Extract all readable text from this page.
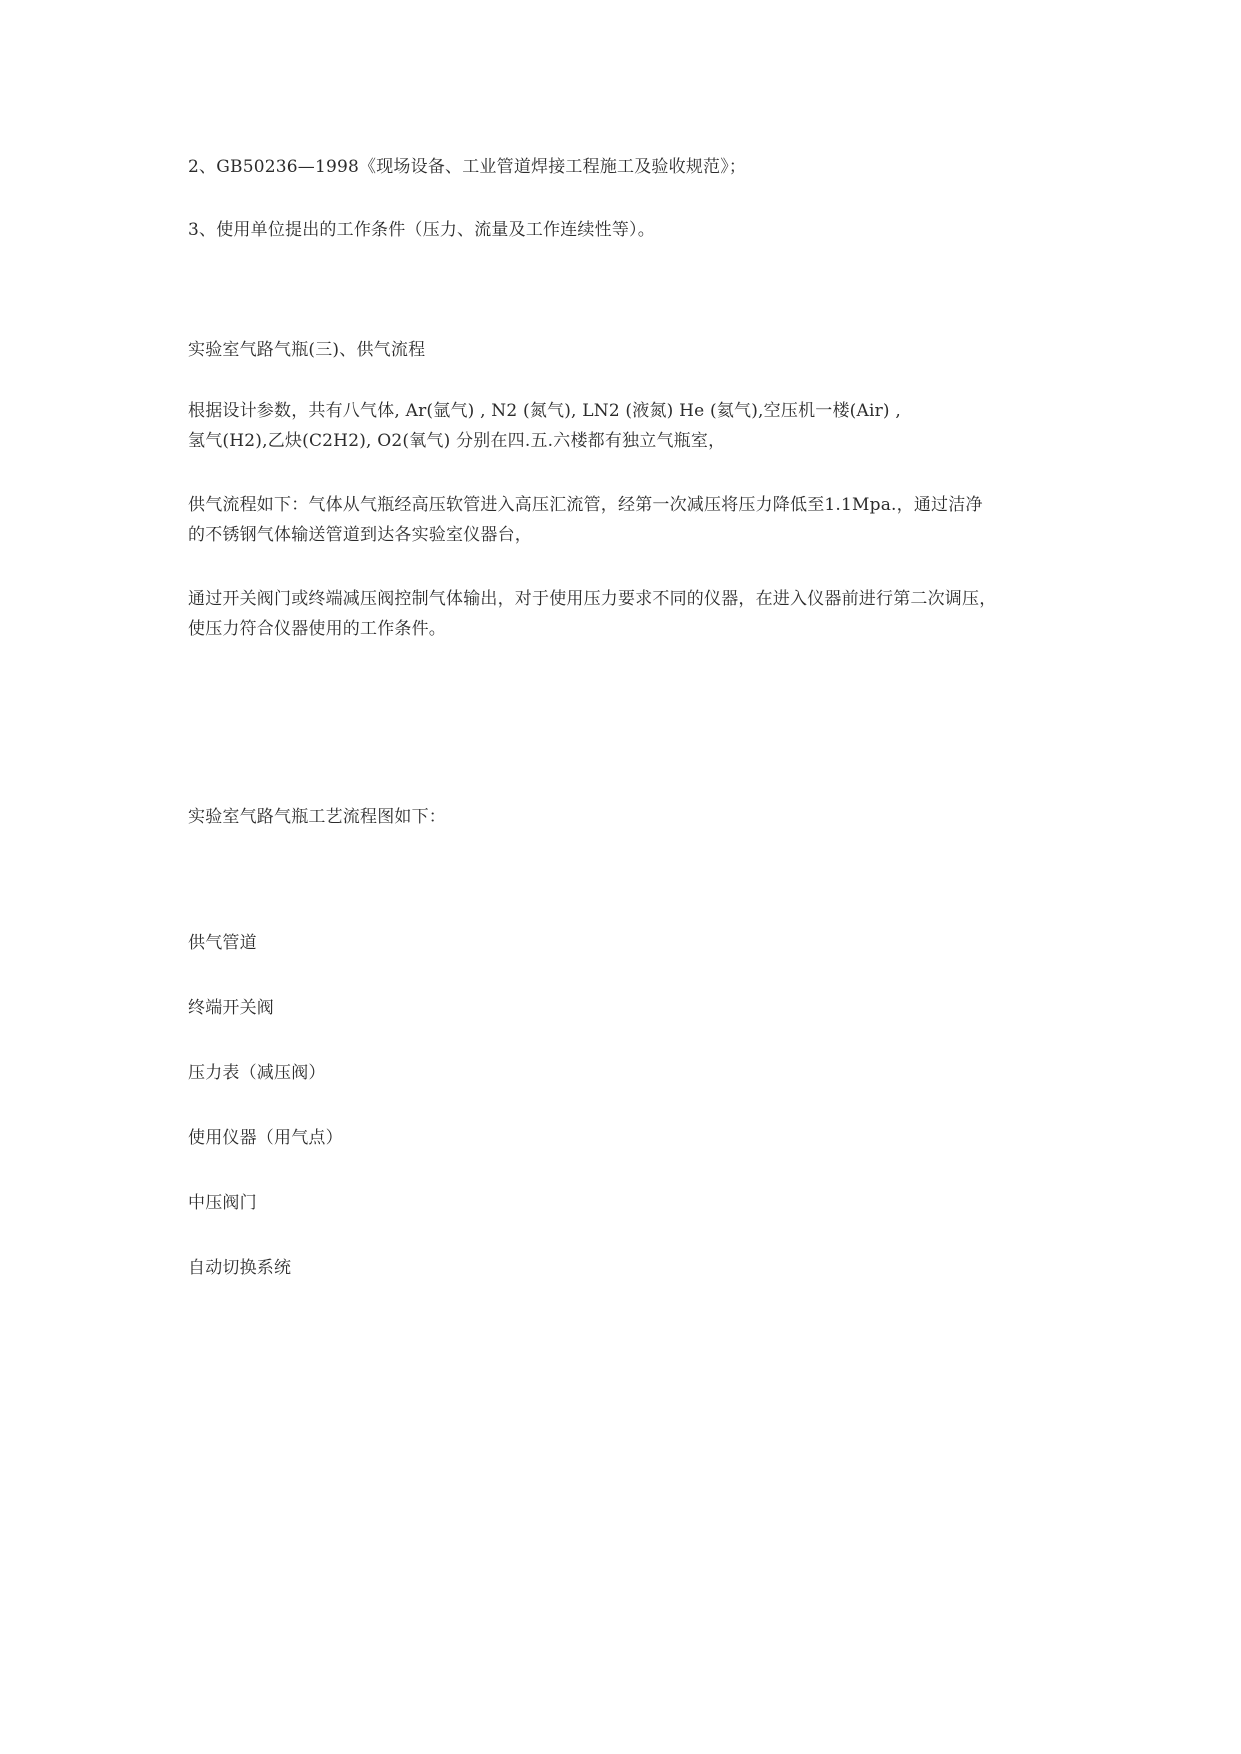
2、GB50236—1998《现场设备、工业管道焊接工程施工及验收规范》；
3、使用单位提出的工作条件（压力、流量及工作连续性等）。
实验室气路气瓶(三)、供气流程
根据设计参数，共有八气体, Ar(氩气) , N2 (氮气), LN2 (液氮) He (氦气),空压机一楼(Air) ,
氢气(H2),乙炔(C2H2), O2(氧气) 分别在四.五.六楼都有独立气瓶室，
供气流程如下：气体从气瓶经高压软管进入高压汇流管，经第一次减压将压力降低至1.1Mpa.，通过洁净
的不锈钢气体输送管道到达各实验室仪器台，
通过开关阀门或终端减压阀控制气体输出，对于使用压力要求不同的仪器，在进入仪器前进行第二次调压，
使压力符合仪器使用的工作条件。
实验室气路气瓶工艺流程图如下：
供气管道
终端开关阀
压力表（减压阀）
使用仪器（用气点）
中压阀门
自动切换系统
